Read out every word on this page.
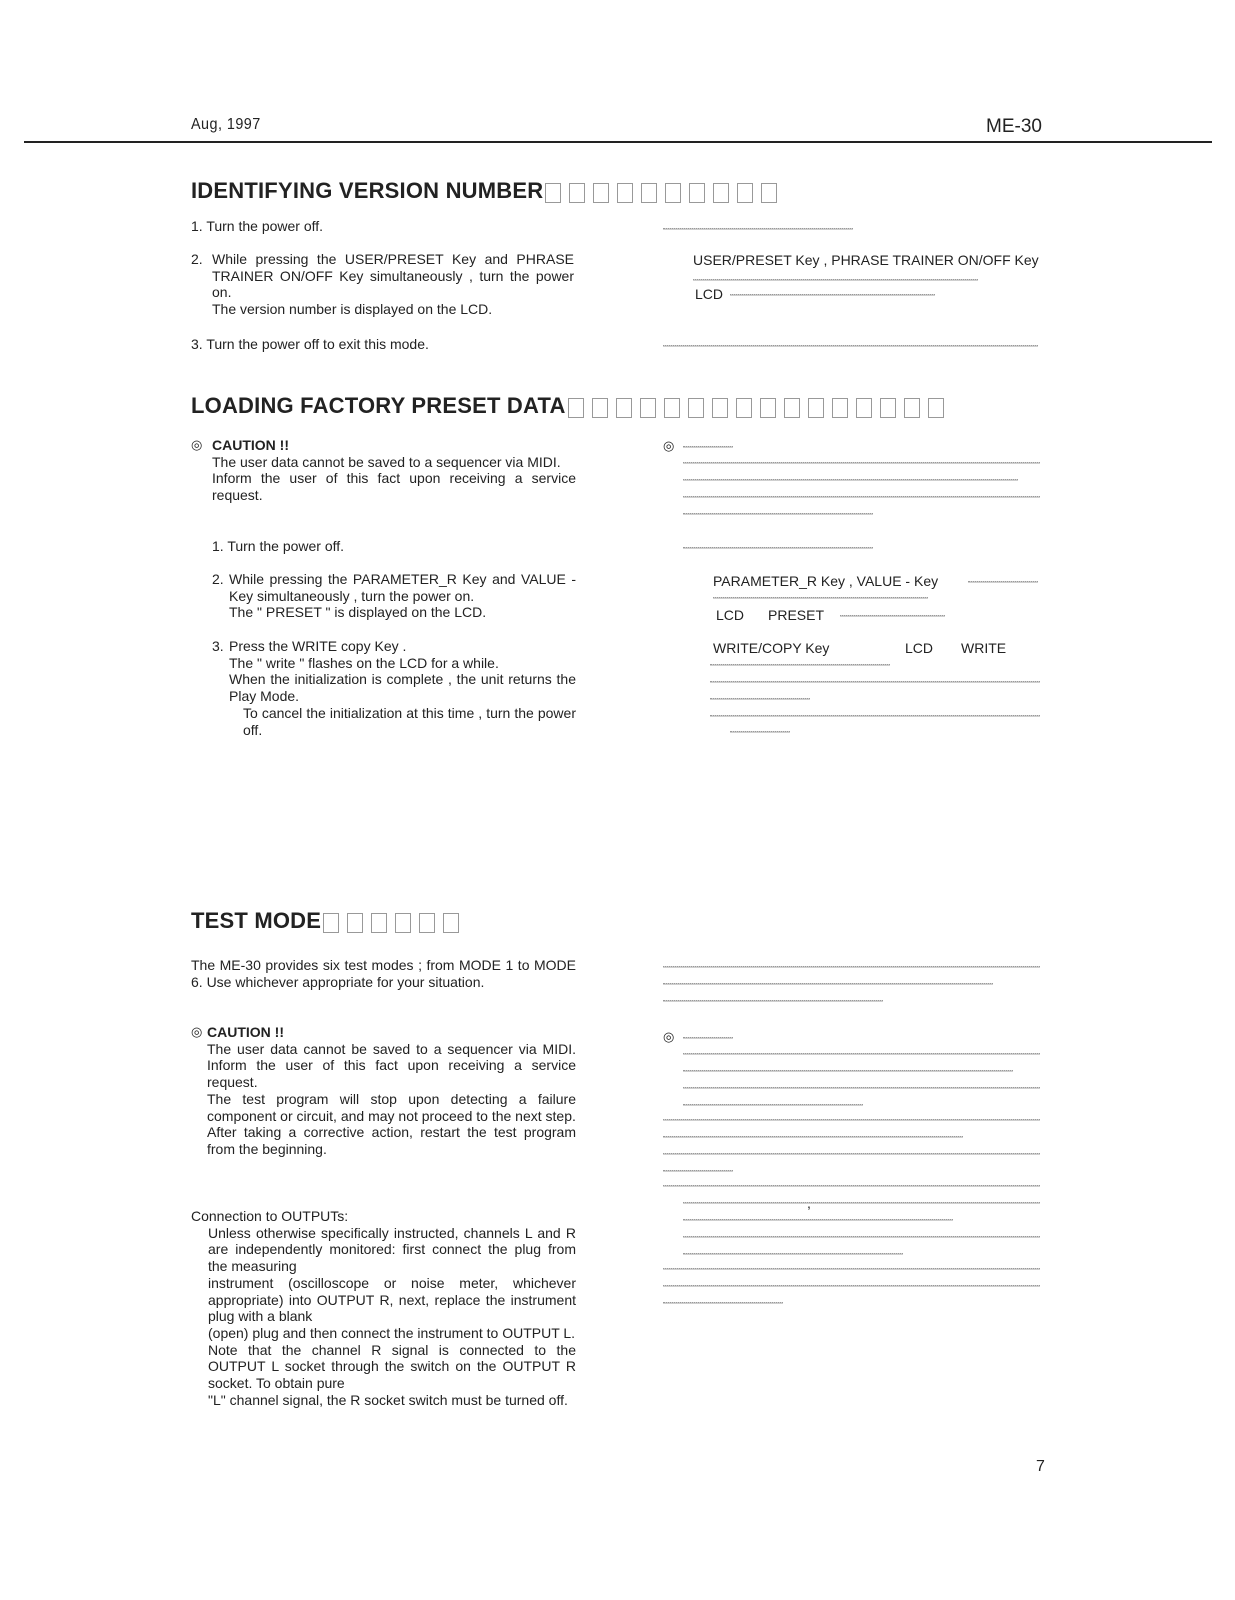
Aug, 1997	ME-30
IDENTIFYING VERSION NUMBER
1. Turn the power off.
2. While pressing the USER/PRESET Key and PHRASE TRAINER ON/OFF Key simultaneously , turn the power on.

The version number is displayed on the LCD.

3. Turn the power off to exit this mode.
USER/PRESET Key , PHRASE TRAINER ON/OFF Key
LCD
LOADING FACTORY PRESET DATA
◎ CAUTION !!

The user data cannot be saved to a sequencer via MIDI.

Inform the user of this fact upon receiving a service request.

1. Turn the power off.
2. While pressing the PARAMETER_R Key and VALUE - Key simultaneously , turn the power on.

The " PRESET " is displayed on the LCD.

3. Press the WRITE copy Key .

The " write " flashes on the LCD for a while.

When the initialization is complete , the unit returns the Play Mode.

To cancel the initialization at this time , turn the power off.

◎
PARAMETER_R Key , VALUE - Key
LCD PRESET
WRITE/COPY Key	LCD WRITE
TEST MODE
The ME-30 provides six test modes ; from MODE 1 to MODE 6. Use whichever appropriate for your situation.
◎ CAUTION !!

The user data cannot be saved to a sequencer via MIDI. Inform the user of this fact upon receiving a service request.

The test program will stop upon detecting a failure component or circuit, and may not proceed to the next step.

After taking a corrective action, restart the test program from the beginning.

Connection to OUTPUTs:

Unless otherwise specifically instructed, channels L and R are independently monitored: first connect the plug from the measuring

instrument (oscilloscope or noise meter, whichever appropriate) into OUTPUT R, next, replace the instrument plug with a blank

(open) plug and then connect the instrument to OUTPUT L.

Note that the channel R signal is connected to the OUTPUT L socket through the switch on the OUTPUT R socket. To obtain pure

"L" channel signal, the R socket switch must be turned off.

◎
7
